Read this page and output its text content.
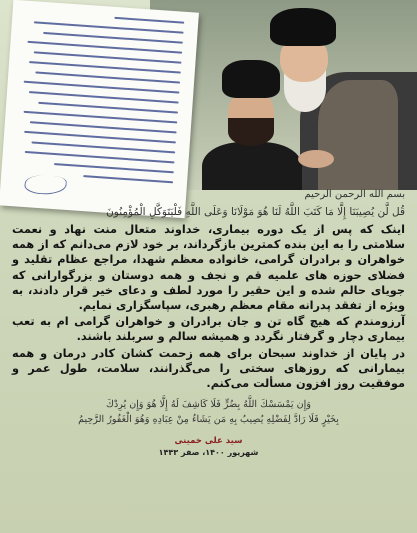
بسم الله الرحمن الرحیم
قُل لَّن يُصِيبَنَا إِلَّا مَا كَتَبَ اللَّهُ لَنَا هُوَ مَوْلَانَا وَعَلَى اللَّهِ فَلْيَتَوَكَّلِ الْمُؤْمِنُونَ

اینک که پس از یک دوره بیماری، خداوند متعال منت نهاد و نعمت سلامتی را به این بنده کمترین بازگرداند، بر خود لازم می‌دانم که از همه خواهران و برادران گرامی، خانواده معظم شهدا، مراجع عظام تقلید و فضلای حوزه های علمیه قم و نجف و همه دوستان و بزرگوارانی که جویای حالم شده و این حقیر را مورد لطف و دعای خیر قرار دادند، به ویژه از تفقد پدرانه مقام معظم رهبری، سپاسگزاری نمایم.

آرزومندم که هیچ گاه تن و جان برادران و خواهران گرامی ام به تعب بیماری دچار و گرفتار نگردد و همیشه سالم و سربلند باشند.

در پایان از خداوند سبحان برای همه زحمت کشان کادر درمان و همه بیمارانی که روزهای سختی را می‌گذرانند، سلامت، طول عمر و موفقیت روز افزون مسألت می‌کنم.

وَإِن يَمْسَسْكَ اللَّهُ بِضُرٍّ فَلَا كَاشِفَ لَهُ إِلَّا هُوَ وَإِن يُرِدْكَ
بِخَيْرٍ فَلَا رَادَّ لِفَضْلِهِ يُصِيبُ بِهِ مَن يَشَاءُ مِنْ عِبَادِهِ وَهُوَ الْغَفُورُ الرَّحِيمُ
سید علی خمینی
شهریور ۱۴۰۰، صفر ۱۴۴۳
